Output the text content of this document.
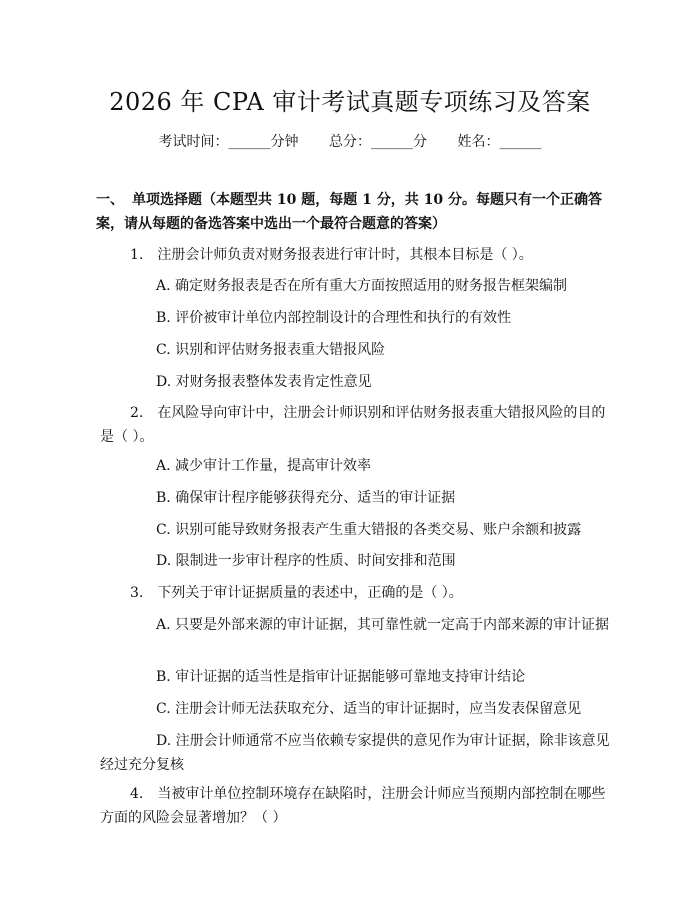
2026 年 CPA 审计考试真题专项练习及答案
考试时间：______分钟 总分：______分 姓名：______
一、 单项选择题（本题型共 10 题，每题 1 分，共 10 分。每题只有一个正确答案，请从每题的备选答案中选出一个最符合题意的答案）

1.　注册会计师负责对财务报表进行审计时，其根本目标是（ ）。

A. 确定财务报表是否在所有重大方面按照适用的财务报告框架编制

B. 评价被审计单位内部控制设计的合理性和执行的有效性

C. 识别和评估财务报表重大错报风险

D. 对财务报表整体发表肯定性意见

2.　在风险导向审计中，注册会计师识别和评估财务报表重大错报风险的目的是（ ）。

A. 减少审计工作量，提高审计效率

B. 确保审计程序能够获得充分、适当的审计证据

C. 识别可能导致财务报表产生重大错报的各类交易、账户余额和披露

D. 限制进一步审计程序的性质、时间安排和范围

3.　下列关于审计证据质量的表述中，正确的是（ ）。

A. 只要是外部来源的审计证据，其可靠性就一定高于内部来源的审计证据

B. 审计证据的适当性是指审计证据能够可靠地支持审计结论

C. 注册会计师无法获取充分、适当的审计证据时，应当发表保留意见

D. 注册会计师通常不应当依赖专家提供的意见作为审计证据，除非该意见经过充分复核

4.　当被审计单位控制环境存在缺陷时，注册会计师应当预期内部控制在哪些方面的风险会显著增加？（ ）
